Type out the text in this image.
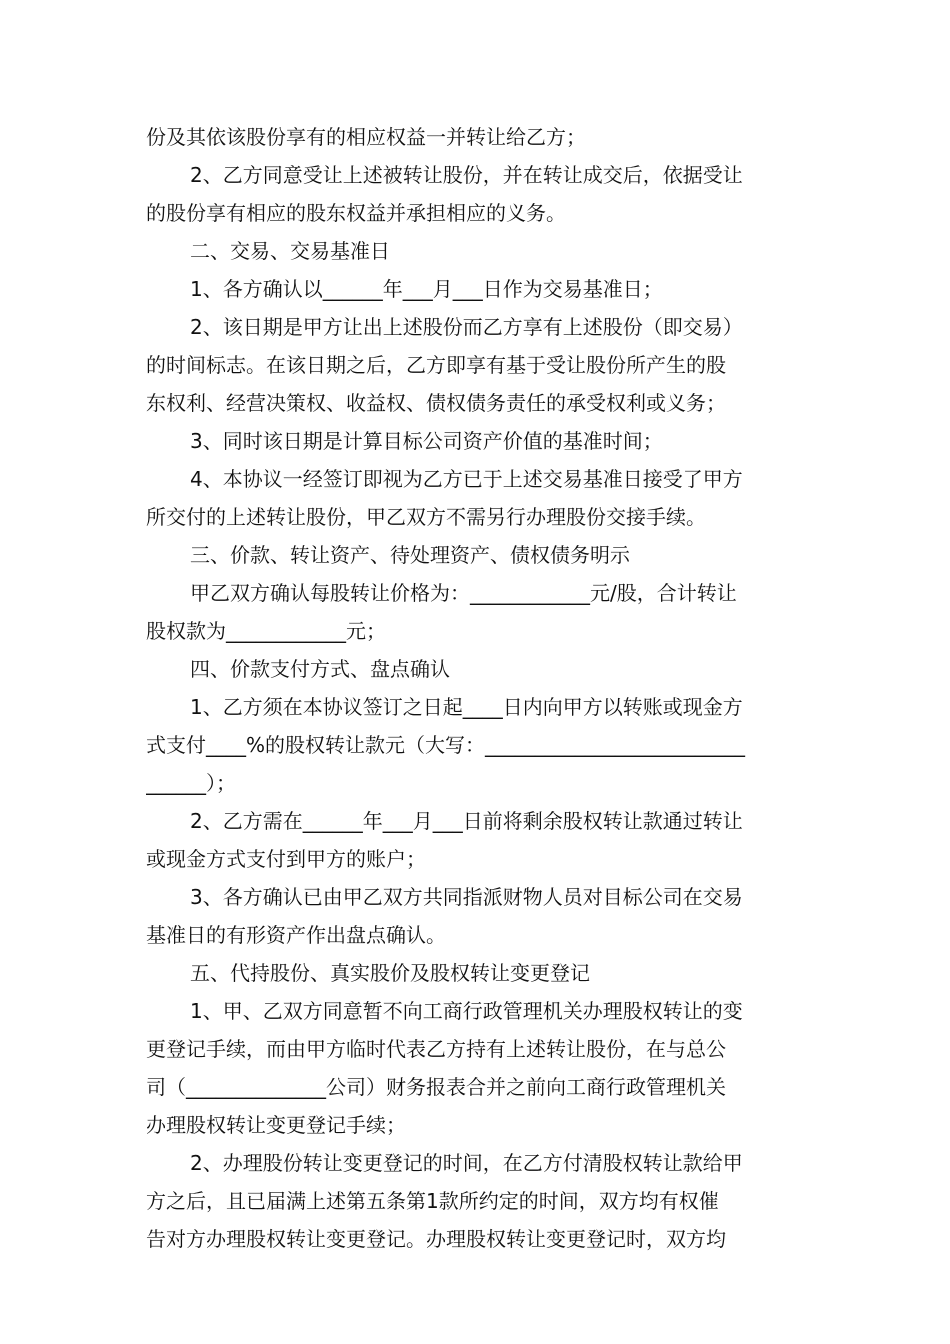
份及其依该股份享有的相应权益一并转让给乙方；
2、乙方同意受让上述被转让股份，并在转让成交后，依据受让
的股份享有相应的股东权益并承担相应的义务。
二、交易、交易基准日
1、各方确认以______年___月___日作为交易基准日；
2、该日期是甲方让出上述股份而乙方享有上述股份（即交易）
的时间标志。在该日期之后，乙方即享有基于受让股份所产生的股
东权利、经营决策权、收益权、债权债务责任的承受权利或义务；
3、同时该日期是计算目标公司资产价值的基准时间；
4、本协议一经签订即视为乙方已于上述交易基准日接受了甲方
所交付的上述转让股份，甲乙双方不需另行办理股份交接手续。
三、价款、转让资产、待处理资产、债权债务明示
甲乙双方确认每股转让价格为：____________元/股，合计转让
股权款为____________元；
四、价款支付方式、盘点确认
1、乙方须在本协议签订之日起____日内向甲方以转账或现金方
式支付____%的股权转让款元（大写：__________________________
______）；
2、乙方需在______年___月___日前将剩余股权转让款通过转让
或现金方式支付到甲方的账户；
3、各方确认已由甲乙双方共同指派财物人员对目标公司在交易
基准日的有形资产作出盘点确认。
五、代持股份、真实股价及股权转让变更登记
1、甲、乙双方同意暂不向工商行政管理机关办理股权转让的变
更登记手续，而由甲方临时代表乙方持有上述转让股份，在与总公
司（______________公司）财务报表合并之前向工商行政管理机关
办理股权转让变更登记手续；
2、办理股份转让变更登记的时间，在乙方付清股权转让款给甲
方之后，且已届满上述第五条第1款所约定的时间，双方均有权催
告对方办理股权转让变更登记。办理股权转让变更登记时，双方均
